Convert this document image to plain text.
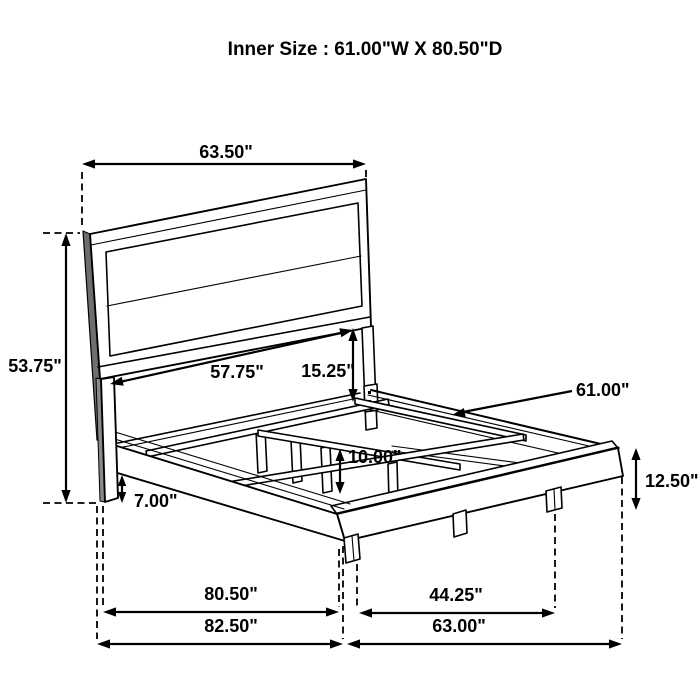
Inner Size : 61.00"W X 80.50"D
63.50"
53.75"	57.75" 15.25"
61.00"
10.00"
7.00"
12.50"
80.50"
82.50"
44.25"
63.00"
